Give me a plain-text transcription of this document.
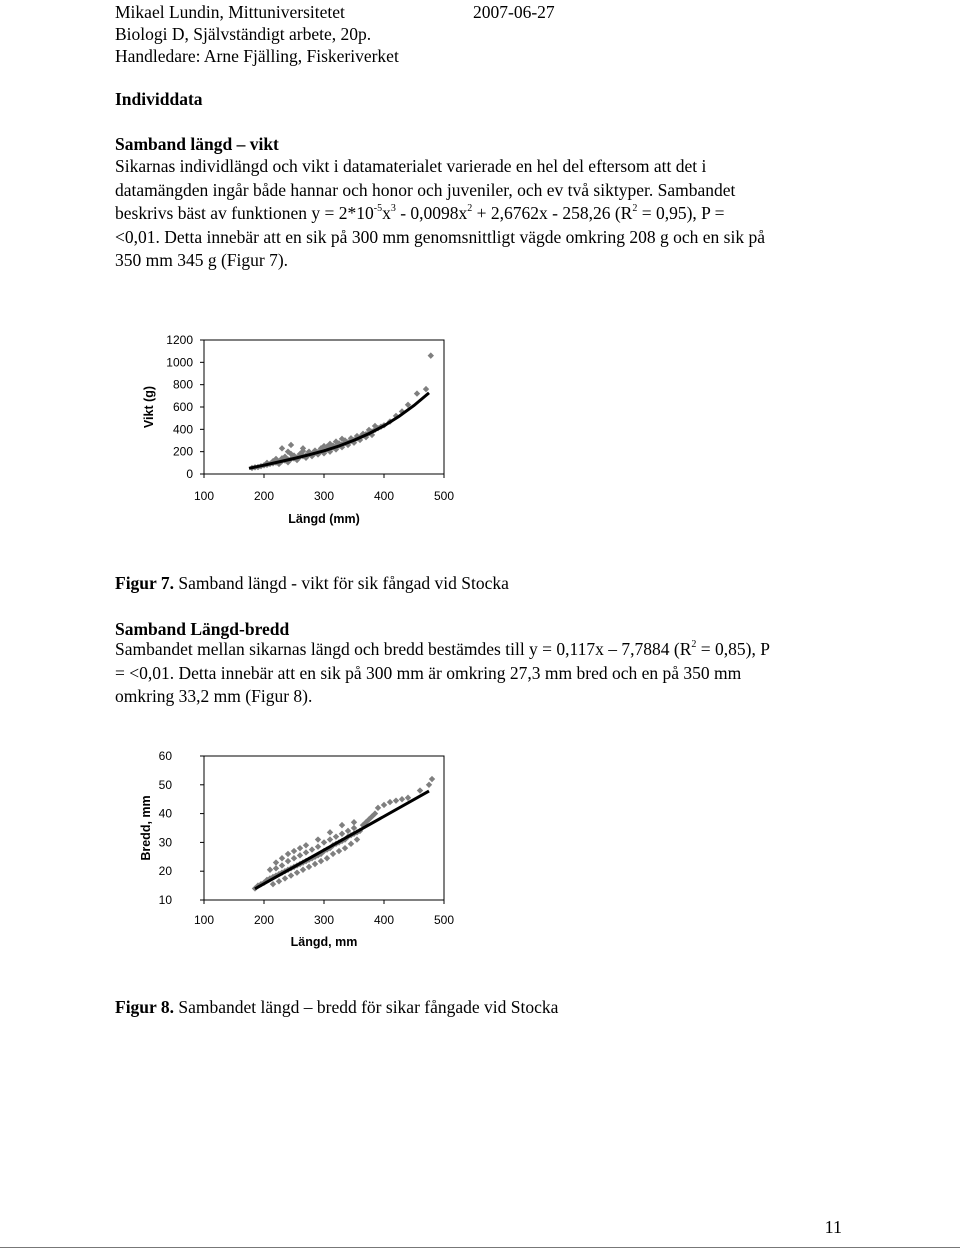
Mikael Lundin, Mittuniversitetet	2007-06-27
Biologi D, Självständigt arbete, 20p.
Handledare: Arne Fjälling, Fiskeriverket
Individdata
Samband längd – vikt
Sikarnas individlängd och vikt i datamaterialet varierade en hel del eftersom att det i
datamängden ingår både hannar och honor och juveniler, och ev två siktyper. Sambandet
beskrivs bäst av funktionen $y = 2*10^{-5}x^3 - 0,0098x^2 + 2,6762x - 258,26$ $(R^2 = 0,95)$, P =
<0,01. Detta innebär att en sik på 300 mm genomsnittligt vägde omkring 208 g och en sik på
350 mm 345 g (Figur 7).
1200
1000
800
600
400
200
0
100	200	300	400	500
Längd (mm)
Vikt (g)
Figur 7. Samband längd - vikt för sik fångad vid Stocka
Samband Längd-bredd
Sambandet mellan sikarnas längd och bredd bestämdes till y = 0,117x – 7,7884 $(R^2 = 0,85)$, P
= <0,01. Detta innebär att en sik på 300 mm är omkring 27,3 mm bred och en på 350 mm
omkring 33,2 mm (Figur 8).
60
50
40
30
20
10
100	200	300	400	500
Längd, mm
Bredd, mm
Figur 8. Sambandet längd – bredd för sikar fångade vid Stocka
11
